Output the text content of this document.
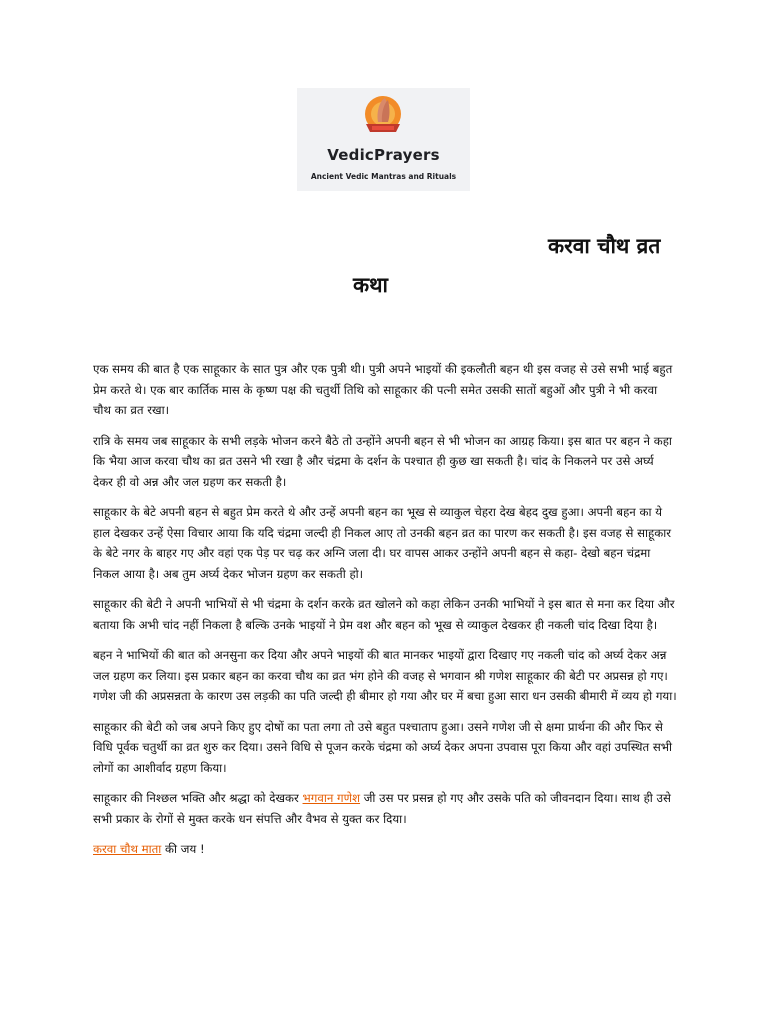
VedicPrayers
Ancient Vedic Mantras and Rituals
करवा चौथ व्रत
कथा

एक समय की बात है एक साहूकार के सात पुत्र और एक पुत्री थी। पुत्री अपने भाइयों की इकलौती बहन थी इस वजह से उसे सभी भाई बहुत प्रेम करते थे। एक बार कार्तिक मास के कृष्ण पक्ष की चतुर्थी तिथि को साहूकार की पत्नी समेत उसकी सातों बहुओं और पुत्री ने भी करवा चौथ का व्रत रखा।

रात्रि के समय जब साहूकार के सभी लड़के भोजन करने बैठे तो उन्होंने अपनी बहन से भी भोजन का आग्रह किया। इस बात पर बहन ने कहा कि भैया आज करवा चौथ का व्रत उसने भी रखा है और चंद्रमा के दर्शन के पश्चात ही कुछ खा सकती है। चांद के निकलने पर उसे अर्घ्य देकर ही वो अन्न और जल ग्रहण कर सकती है।

साहूकार के बेटे अपनी बहन से बहुत प्रेम करते थे और उन्हें अपनी बहन का भूख से व्याकुल चेहरा देख बेहद दुख हुआ। अपनी बहन का ये हाल देखकर उन्हें ऐसा विचार आया कि यदि चंद्रमा जल्दी ही निकल आए तो उनकी बहन व्रत का पारण कर सकती है। इस वजह से साहूकार के बेटे नगर के बाहर गए और वहां एक पेड़ पर चढ़ कर अग्नि जला दी। घर वापस आकर उन्होंने अपनी बहन से कहा- देखो बहन चंद्रमा निकल आया है। अब तुम अर्घ्य देकर भोजन ग्रहण कर सकती हो।

साहूकार की बेटी ने अपनी भाभियों से भी चंद्रमा के दर्शन करके व्रत खोलने को कहा लेकिन उनकी भाभियों ने इस बात से मना कर दिया और बताया कि अभी चांद नहीं निकला है बल्कि उनके भाइयों ने प्रेम वश और बहन को भूख से व्याकुल देखकर ही नकली चांद दिखा दिया है।

बहन ने भाभियों की बात को अनसुना कर दिया और अपने भाइयों की बात मानकर भाइयों द्वारा दिखाए गए नकली चांद को अर्घ्य देकर अन्न जल ग्रहण कर लिया। इस प्रकार बहन का करवा चौथ का व्रत भंग होने की वजह से भगवान श्री गणेश साहूकार की बेटी पर अप्रसन्न हो गए। गणेश जी की अप्रसन्नता के कारण उस लड़की का पति जल्दी ही बीमार हो गया और घर में बचा हुआ सारा धन उसकी बीमारी में व्यय हो गया।

साहूकार की बेटी को जब अपने किए हुए दोषों का पता लगा तो उसे बहुत पश्चाताप हुआ। उसने गणेश जी से क्षमा प्रार्थना की और फिर से विधि पूर्वक चतुर्थी का व्रत शुरु कर दिया। उसने विधि से पूजन करके चंद्रमा को अर्घ्य देकर अपना उपवास पूरा किया और वहां उपस्थित सभी लोगों का आशीर्वाद ग्रहण किया।

साहूकार की निश्छल भक्ति और श्रद्धा को देखकर भगवान गणेश जी उस पर प्रसन्न हो गए और उसके पति को जीवनदान दिया। साथ ही उसे सभी प्रकार के रोगों से मुक्त करके धन संपत्ति और वैभव से युक्त कर दिया।

करवा चौथ माता की जय !
